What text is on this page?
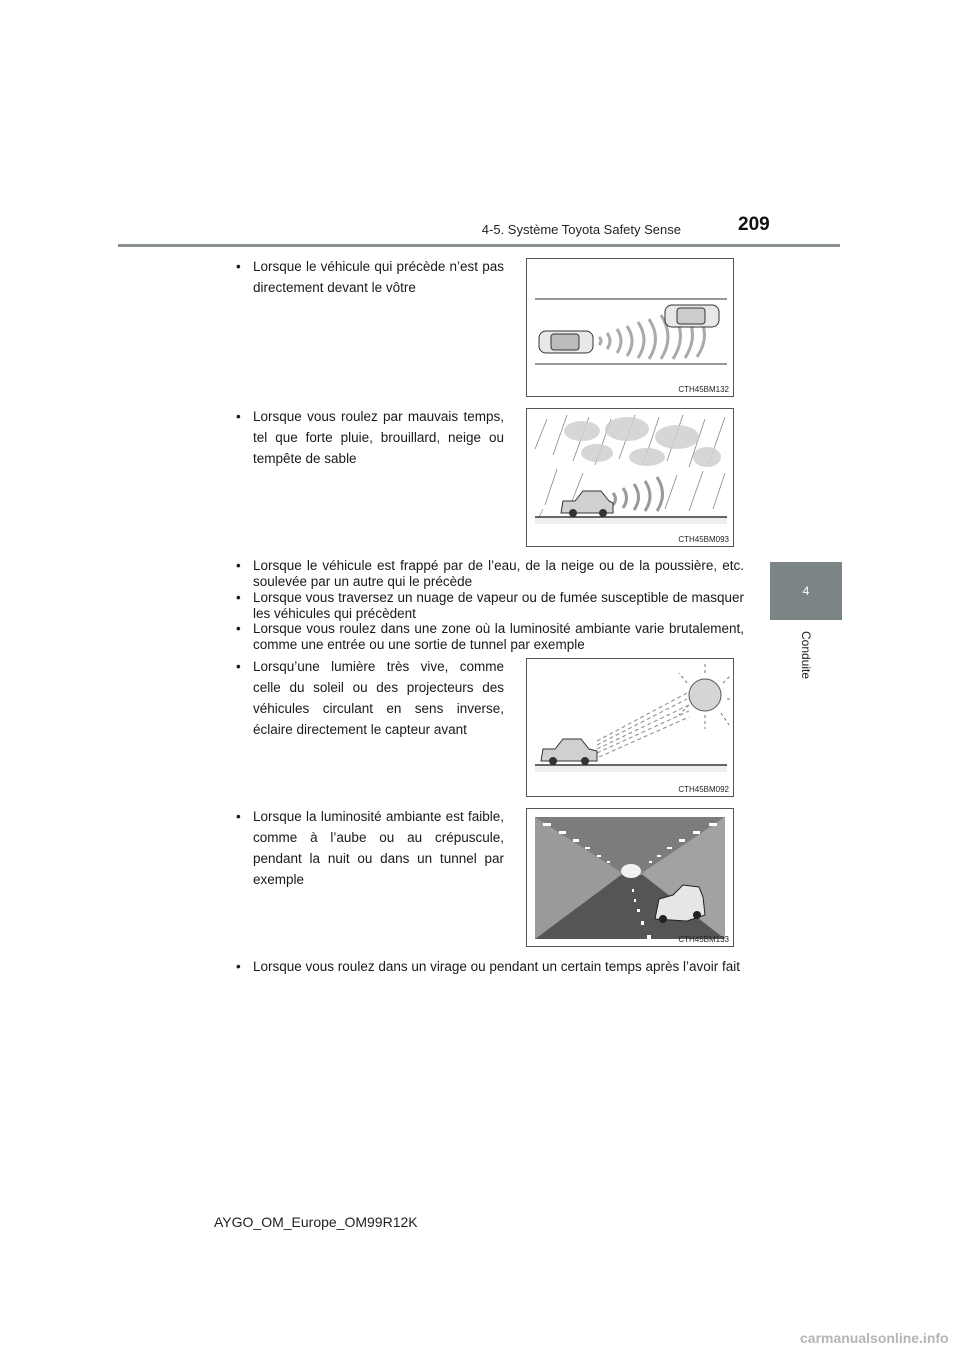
4-5. Système Toyota Safety Sense	209
4
Conduite
• Lorsque le véhicule qui précède n’est pas directement devant le vôtre
CTH45BM132
• Lorsque vous roulez par mauvais temps, tel que forte pluie, brouillard, neige ou tempête de sable
CTH45BM093
• Lorsque le véhicule est frappé par de l’eau, de la neige ou de la poussière, etc. soulevée par un autre qui le précède
• Lorsque vous traversez un nuage de vapeur ou de fumée susceptible de masquer les véhicules qui précèdent
• Lorsque vous roulez dans une zone où la luminosité ambiante varie brutalement, comme une entrée ou une sortie de tunnel par exemple
• Lorsqu’une lumière très vive, comme celle du soleil ou des projecteurs des véhicules circulant en sens inverse, éclaire directement le capteur avant
CTH45BM092
• Lorsque la luminosité ambiante est faible, comme à l’aube ou au crépuscule, pendant la nuit ou dans un tunnel par exemple
CTH45BM133
• Lorsque vous roulez dans un virage ou pendant un certain temps après l’avoir fait
AYGO_OM_Europe_OM99R12K
carmanualsonline.info
